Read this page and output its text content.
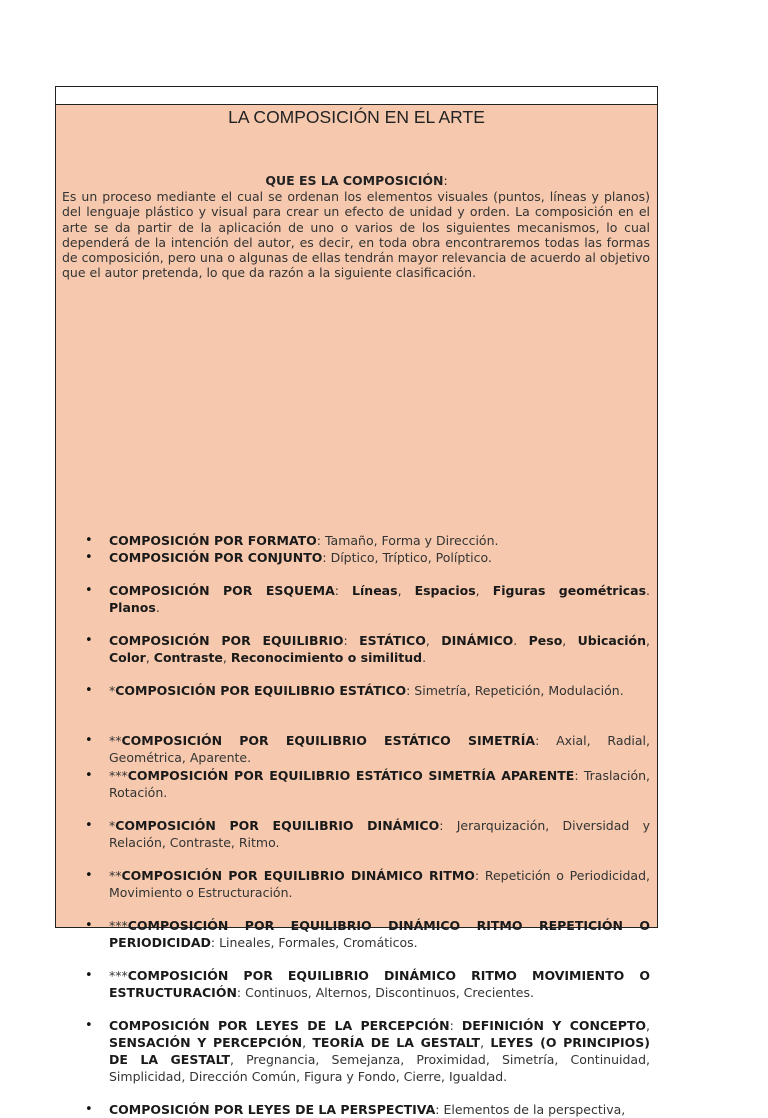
LA COMPOSICIÓN EN EL ARTE
QUE ES LA COMPOSICIÓN:
Es un proceso mediante el cual se ordenan los elementos visuales (puntos, líneas y planos) del lenguaje plástico y visual para crear un efecto de unidad y orden. La composición en el arte se da partir de la aplicación de uno o varios de los siguientes mecanismos, lo cual dependerá de la intención del autor, es decir, en toda obra encontraremos todas las formas de composición, pero una o algunas de ellas tendrán mayor relevancia de acuerdo al objetivo que el autor pretenda, lo que da razón a la siguiente clasificación.
• COMPOSICIÓN POR FORMATO: Tamaño, Forma y Dirección.
• COMPOSICIÓN POR CONJUNTO: Díptico, Tríptico, Políptico.
• COMPOSICIÓN POR ESQUEMA: Líneas, Espacios, Figuras geométricas. Planos.
• COMPOSICIÓN POR EQUILIBRIO: ESTÁTICO, DINÁMICO. Peso, Ubicación, Color, Contraste, Reconocimiento o similitud.
• *COMPOSICIÓN POR EQUILIBRIO ESTÁTICO: Simetría, Repetición, Modulación.
• **COMPOSICIÓN POR EQUILIBRIO ESTÁTICO SIMETRÍA: Axial, Radial, Geométrica, Aparente.
• ***COMPOSICIÓN POR EQUILIBRIO ESTÁTICO SIMETRÍA APARENTE: Traslación, Rotación.
• *COMPOSICIÓN POR EQUILIBRIO DINÁMICO: Jerarquización, Diversidad y Relación, Contraste, Ritmo.
• **COMPOSICIÓN POR EQUILIBRIO DINÁMICO RITMO: Repetición o Periodicidad, Movimiento o Estructuración.
• ***COMPOSICIÓN POR EQUILIBRIO DINÁMICO RITMO REPETICIÓN O PERIODICIDAD: Lineales, Formales, Cromáticos.
• ***COMPOSICIÓN POR EQUILIBRIO DINÁMICO RITMO MOVIMIENTO O ESTRUCTURACIÓN: Continuos, Alternos, Discontinuos, Crecientes.
• COMPOSICIÓN POR LEYES DE LA PERCEPCIÓN: DEFINICIÓN Y CONCEPTO, SENSACIÓN Y PERCEPCIÓN, TEORÍA DE LA GESTALT, LEYES (O PRINCIPIOS) DE LA GESTALT, Pregnancia, Semejanza, Proximidad, Simetría, Continuidad, Simplicidad, Dirección Común, Figura y Fondo, Cierre, Igualdad.
• COMPOSICIÓN POR LEYES DE LA PERSPECTIVA: Elementos de la perspectiva,
